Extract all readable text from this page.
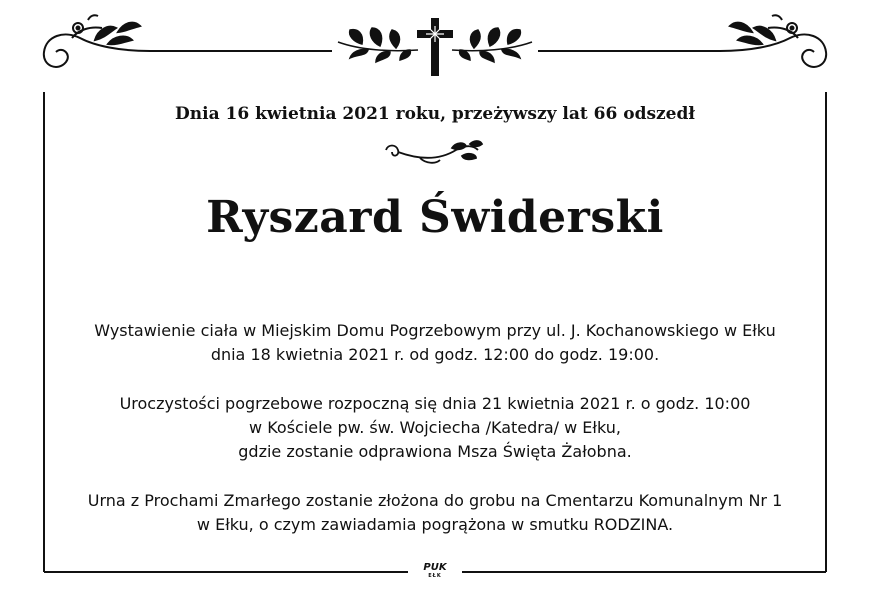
Dnia 16 kwietnia 2021 roku, przeżywszy lat 66 odszedł
Ryszard Świderski
Wystawienie ciała w Miejskim Domu Pogrzebowym przy ul. J. Kochanowskiego w Ełku
dnia 18 kwietnia 2021 r. od godz. 12:00 do godz. 19:00.
Uroczystości pogrzebowe rozpoczną się dnia 21 kwietnia 2021 r. o godz. 10:00
w Kościele pw. św. Wojciecha /Katedra/ w Ełku,
gdzie zostanie odprawiona Msza Święta Żałobna.
Urna z Prochami Zmarłego zostanie złożona do grobu na Cmentarzu Komunalnym Nr 1
w Ełku, o czym zawiadamia pogrążona w smutku RODZINA.
PUK
EŁK
